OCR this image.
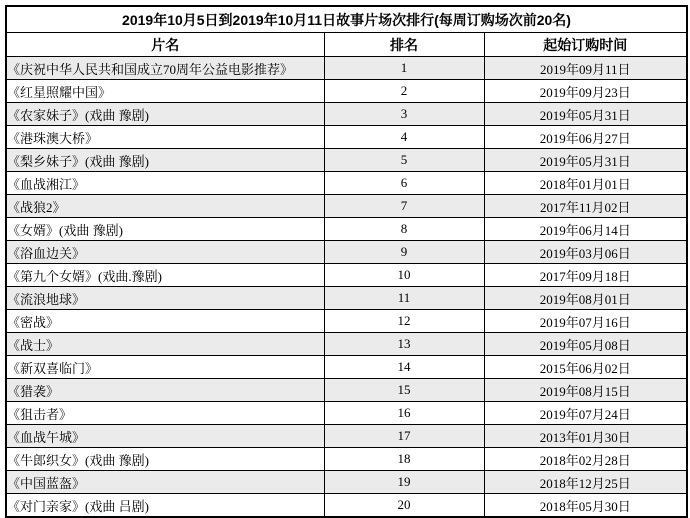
2019年10月5日到2019年10月11日故事片场次排行(每周订购场次前20名)		
片名	排名	起始订购时间
《庆祝中华人民共和国成立70周年公益电影推荐》	1	2019年09月11日
《红星照耀中国》	2	2019年09月23日
《农家妹子》(戏曲 豫剧)	3	2019年05月31日
《港珠澳大桥》	4	2019年06月27日
《梨乡妹子》(戏曲 豫剧)	5	2019年05月31日
《血战湘江》	6	2018年01月01日
《战狼2》	7	2017年11月02日
《女婿》(戏曲 豫剧)	8	2019年06月14日
《浴血边关》	9	2019年03月06日
《第九个女婿》(戏曲.豫剧)	10	2017年09月18日
《流浪地球》	11	2019年08月01日
《密战》	12	2019年07月16日
《战士》	13	2019年05月08日
《新双喜临门》	14	2015年06月02日
《猎袭》	15	2019年08月15日
《狙击者》	16	2019年07月24日
《血战午城》	17	2013年01月30日
《牛郎织女》(戏曲 豫剧)	18	2018年02月28日
《中国蓝盔》	19	2018年12月25日
《对门亲家》(戏曲 吕剧)	20	2018年05月30日
